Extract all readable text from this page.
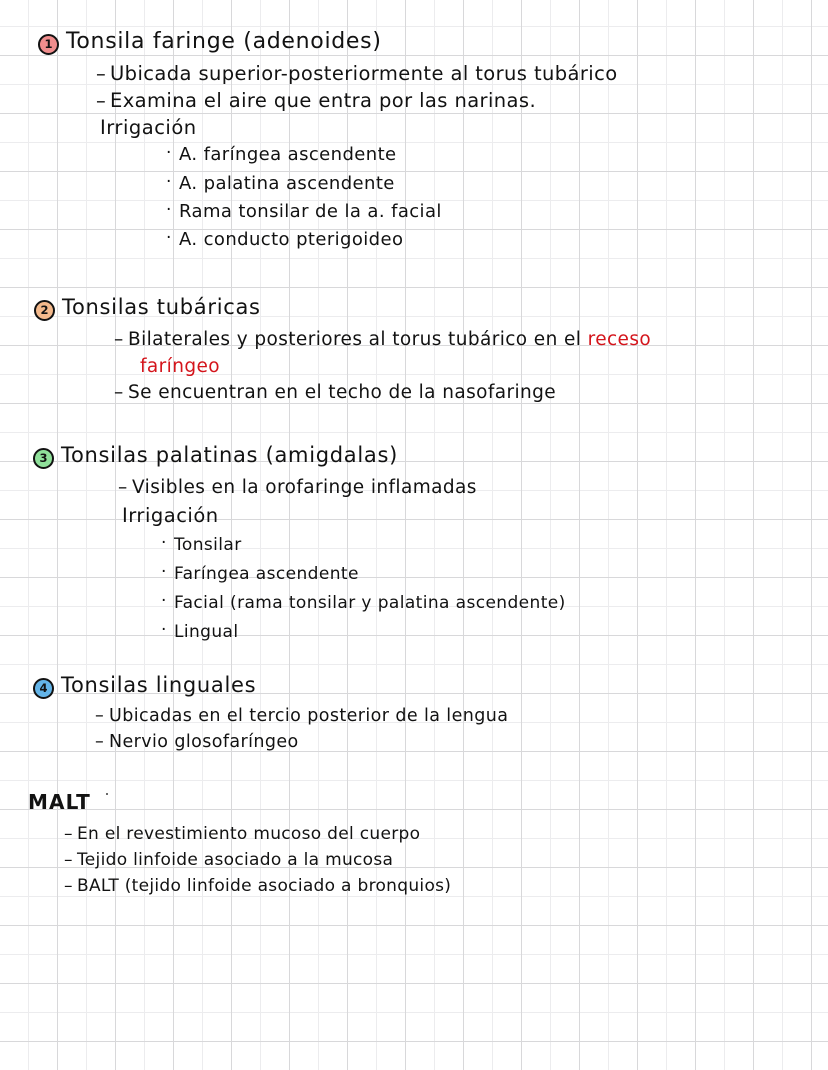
1 Tonsila faringe (adenoides)
– Ubicada superior-posteriormente al torus tubárico
– Examina el aire que entra por las narinas.
Irrigación
· A. faríngea ascendente
· A. palatina ascendente
· Rama tonsilar de la a. facial
· A. conducto pterigoideo
2 Tonsilas tubáricas
– Bilaterales y posteriores al torus tubárico en el receso
faríngeo
– Se encuentran en el techo de la nasofaringe
3 Tonsilas palatinas (amigdalas)
– Visibles en la orofaringe inflamadas
Irrigación
· Tonsilar
· Faríngea ascendente
· Facial (rama tonsilar y palatina ascendente)
· Lingual
4 Tonsilas linguales
– Ubicadas en el tercio posterior de la lengua
– Nervio glosofaríngeo
MALT
– En el revestimiento mucoso del cuerpo
– Tejido linfoide asociado a la mucosa
– BALT (tejido linfoide asociado a bronquios)
